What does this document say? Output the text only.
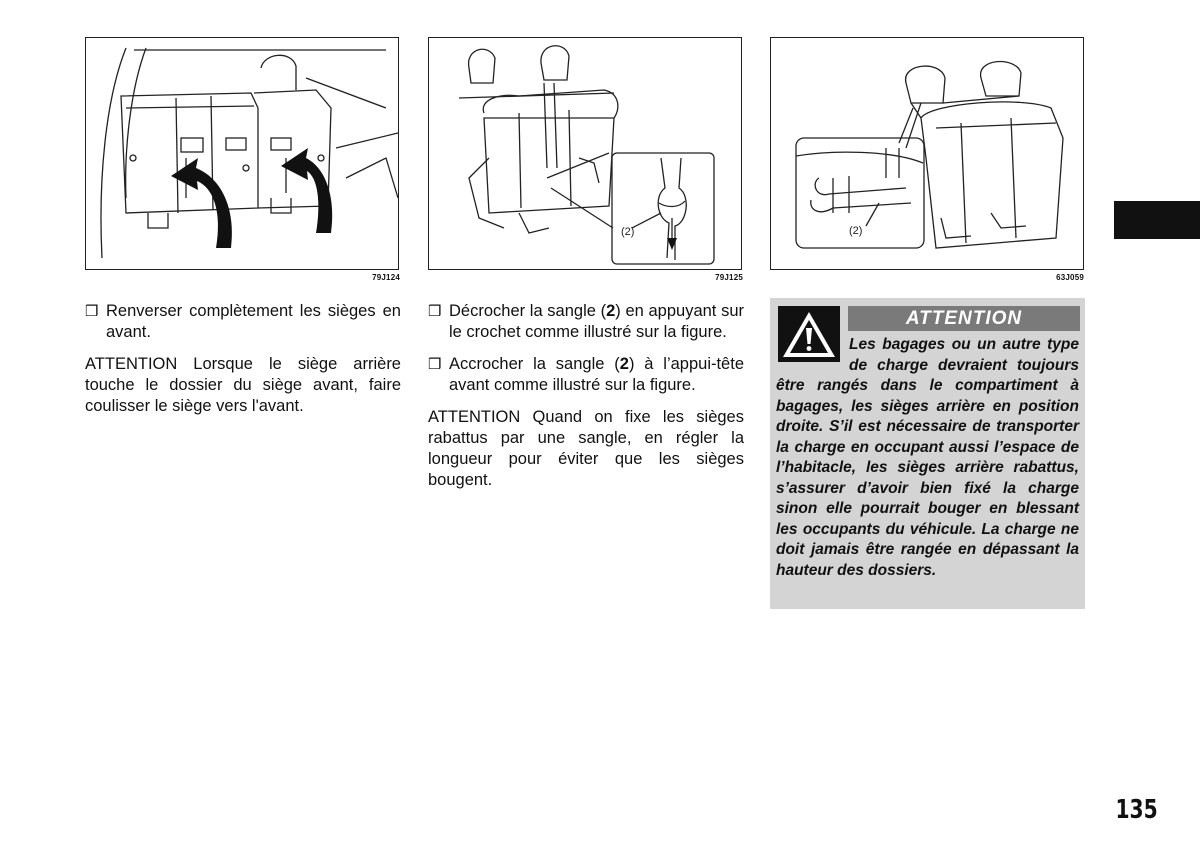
79J124
(2)
79J125
(2)
63J059
❒ Renverser complètement les sièges en avant.

ATTENTION Lorsque le siège arrière touche le dossier du siège avant, faire coulisser le siège vers l'avant.

❒ Décrocher la sangle (2) en appuyant sur le crochet comme illustré sur la figure.
❒ Accrocher la sangle (2) à l’appui-tête avant comme illustré sur la figure.

ATTENTION Quand on fixe les sièges rabattus par une sangle, en régler la longueur pour éviter que les sièges bougent.

ATTENTION
Les bagages ou un autre type de charge devraient toujours être rangés dans le compartiment à bagages, les sièges arrière en position droite. S’il est nécessaire de transporter la charge en occupant aussi l’espace de l’habitacle, les sièges arrière rabattus, s’assurer d’avoir bien fixé la charge sinon elle pourrait bouger en blessant les occupants du véhicule. La charge ne doit jamais être rangée en dépassant la hauteur des dossiers.
135
